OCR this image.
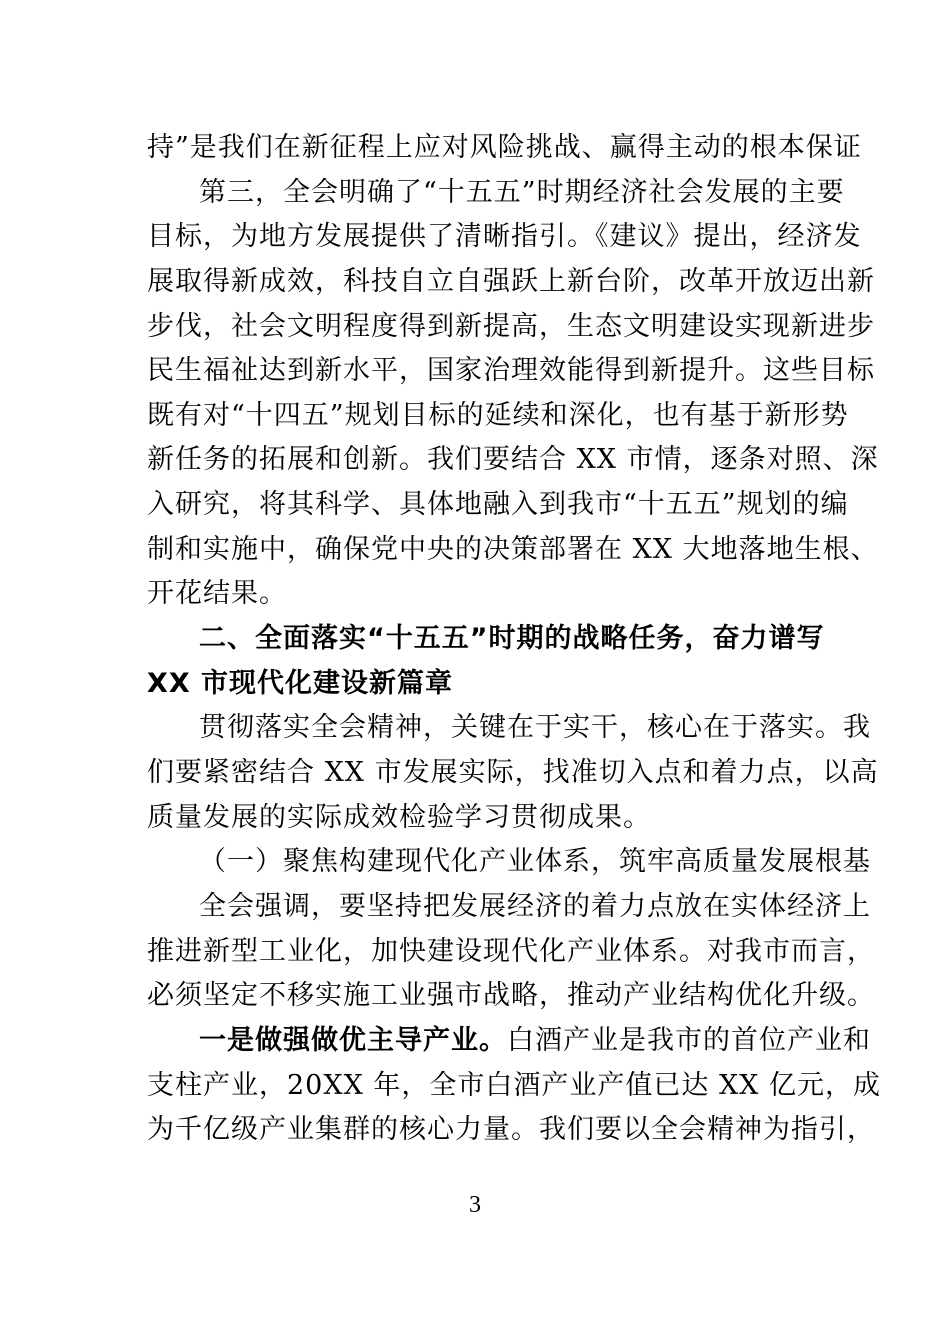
持”是我们在新征程上应对风险挑战、赢得主动的根本保证
第三，全会明确了“十五五”时期经济社会发展的主要
目标，为地方发展提供了清晰指引。《建议》提出，经济发
展取得新成效，科技自立自强跃上新台阶，改革开放迈出新
步伐，社会文明程度得到新提高，生态文明建设实现新进步
民生福祉达到新水平，国家治理效能得到新提升。这些目标
既有对“十四五”规划目标的延续和深化，也有基于新形势
新任务的拓展和创新。我们要结合 XX 市情，逐条对照、深
入研究，将其科学、具体地融入到我市“十五五”规划的编
制和实施中，确保党中央的决策部署在 XX 大地落地生根、
开花结果。
二、全面落实“十五五”时期的战略任务，奋力谱写
XX 市现代化建设新篇章
贯彻落实全会精神，关键在于实干，核心在于落实。我
们要紧密结合 XX 市发展实际，找准切入点和着力点，以高
质量发展的实际成效检验学习贯彻成果。
（一）聚焦构建现代化产业体系，筑牢高质量发展根基
全会强调，要坚持把发展经济的着力点放在实体经济上
推进新型工业化，加快建设现代化产业体系。对我市而言，
必须坚定不移实施工业强市战略，推动产业结构优化升级。
一是做强做优主导产业。白酒产业是我市的首位产业和
支柱产业，20XX 年，全市白酒产业产值已达 XX 亿元，成
为千亿级产业集群的核心力量。我们要以全会精神为指引，
3
